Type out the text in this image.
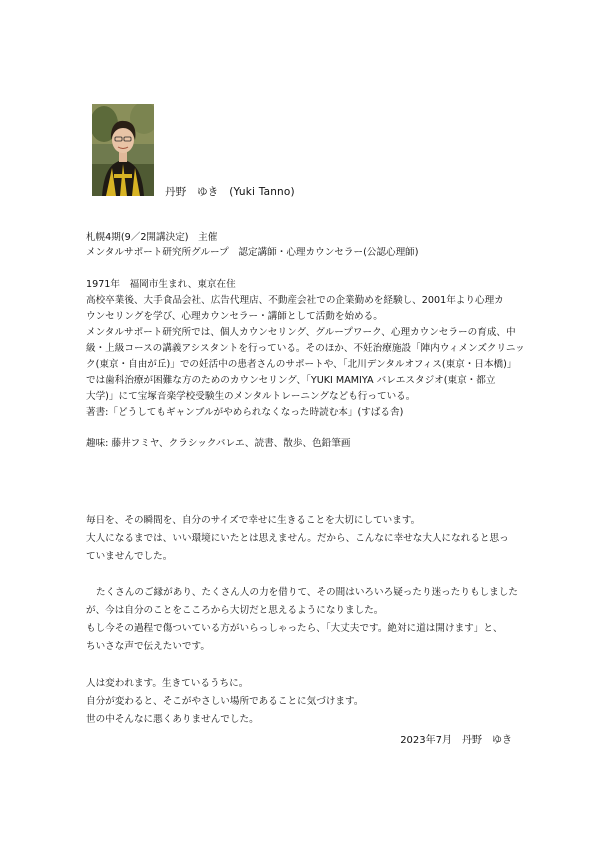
丹野　ゆき　(Yuki Tanno)
札幌4期(9／2開講決定)　主催
メンタルサポート研究所グループ　認定講師・心理カウンセラー(公認心理師)
1971年　福岡市生まれ、東京在住
高校卒業後、大手食品会社、広告代理店、不動産会社での企業勤めを経験し、2001年より心理カ
ウンセリングを学び、心理カウンセラー・講師として活動を始める。
メンタルサポート研究所では、個人カウンセリング、グループワーク、心理カウンセラーの育成、中
級・上級コースの講義アシスタントを行っている。そのほか、不妊治療施設「陣内ウィメンズクリニッ
ク(東京・自由が丘)」での妊活中の患者さんのサポートや、「北川デンタルオフィス(東京・日本橋)」
では歯科治療が困難な方のためのカウンセリング、「YUKI MAMIYA バレエスタジオ(東京・都立
大学)」にて宝塚音楽学校受験生のメンタルトレーニングなども行っている。
著書:「どうしてもギャンブルがやめられなくなった時読む本」(すばる舎)
趣味: 藤井フミヤ、クラシックバレエ、読書、散歩、色鉛筆画
毎日を、その瞬間を、自分のサイズで幸せに生きることを大切にしています。
大人になるまでは、いい環境にいたとは思えません。だから、こんなに幸せな大人になれると思っ
ていませんでした。
たくさんのご縁があり、たくさん人の力を借りて、その間はいろいろ疑ったり迷ったりもしました
が、今は自分のことをこころから大切だと思えるようになりました。
もし今その過程で傷ついている方がいらっしゃったら、「大丈夫です。絶対に道は開けます」と、
ちいさな声で伝えたいです。
人は変われます。生きているうちに。
自分が変わると、そこがやさしい場所であることに気づけます。
世の中そんなに悪くありませんでした。
2023年7月　丹野　ゆき
